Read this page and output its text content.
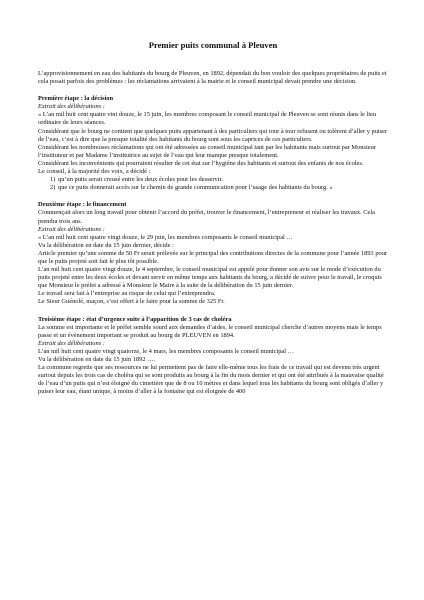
Premier puits communal à Pleuven

L’approvisionnement en eau des habitants du bourg de Pleuven, en 1892, dépendait du bon vouloir des quelques propriétaires de puits et cela posait parfois des problèmes : les réclamations arrivaient à la mairie et le conseil municipal devait prendre une décision.

Première étape : la décision

Extrait des délibérations :

« L’an mil huit cent quatre vint douze, le 15 juin, les membres composant le conseil municipal de Pleuven se sont réunis dans le lieu ordinaire de leurs séances.

Considérant que le bourg ne contient que quelques puits appartenant à des particuliers qui tour à tour refusent ou tolèrent d’aller y puiser de l’eau, c’est à dire que la presque totalité des habitants du bourg sont sous les caprices de ces particuliers.

Considérant les nombreuses réclamations qui ont été adressées au conseil municipal tant par les habitants mais surtout par Monsieur l’instituteur et par Madame l’institutrice au sujet de l’eau qui leur manque presque totalement.

Considérant les inconvénients qui pourraient résulter de cet état sur l’hygiène des habitants et surtout des enfants de nos écoles.

Le conseil, à la majorité des voix, a décidé :

1) qu’un puits serait creusé entre les deux écoles pour les desservir.

2) que ce puits donnerait accès sur le chemin de grande communication pour l’usage des habitants du bourg. »

Deuxième étape : le financement

Commençait alors un long travail pour obtenir l’accord du préfet, trouver le financement, l’entrepreneur et réaliser les travaux. Cela prendra trois ans.

Extrait des délibérations :

« L’an mil huit cent quatre vingt douze, le 29 juin, les membres composants le conseil municipal …

Vu la délibération en date du 15 juin dernier, décide :

Article premier qu’une somme de 50 Fr serait prélevée sur le principal des contributions directes de la commune pour l’année 1893 pour que le puits projeté soit fait le plus tôt possible.

L’an mil huit cent quatre vingt douze, le 4 septembre, le conseil municipal est appelé pour donner son avis sur le mode d’exécution du puits projeté entre les deux écoles et devant servir en même temps aux habitants du bourg, a décidé de suivre pour le travail, le croquis que Monsieur le préfet a adressé à Monsieur le Maire à la suite de la délibération du 15 juin dernier.

Le travail sera fait à l’entreprise au risque de celui qui l’entreprendra.

Le Sieur Guénolé, maçon, s’est offert à le faire pour la somme de 325 Fr.

Troisième étape : état d’urgence suite à l’apparition de 3 cas de choléra

La somme est importante et le préfet semble sourd aux demandes d’aides, le conseil municipal cherche d’autres moyens mais le temps passe et un évènement important se produit au bourg de PLEUVEN en 1894.

Extrait des délibérations :

L’an mil huit cent quatre vingt quatorze, le 4 mars, les membres composants le conseil municipal …

Vu la délibération en date du 15 juin 1892 ….

La commune regrette que ses ressources ne lui permettent pas de faire elle-même tous les frais de ce travail qui est devenu très urgent surtout depuis les trois cas de choléra qui se sont produits au bourg à la fin du mois dernier et qui ont été attribués à la mauvaise qualité de l’eau d’un puits qui n’est éloigné du cimetière que de 8 ou 10 mètres et dans lequel tous les habitants du bourg sont obligés d’aller y puiser leur eau, étant unique, à moins d’aller à la fontaine qui est éloignée de 400
